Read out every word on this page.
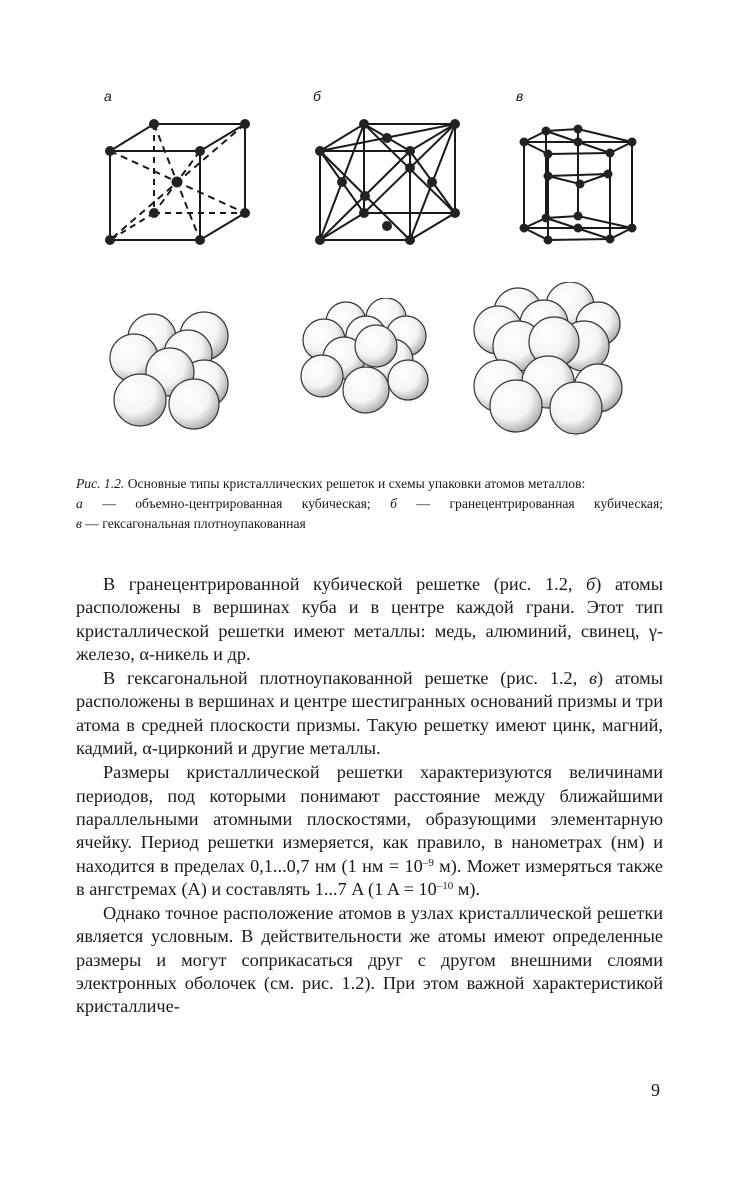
а	б	в

Рис. 1.2. Основные типы кристаллических решеток и схемы упаковки атомов металлов:

а — объемно-центрированная кубическая; б — гранецентрированная кубическая;

в — гексагональная плотноупакованная

В гранецентрированной кубической решетке (рис. 1.2, б) атомы расположены в вершинах куба и в центре каждой грани. Этот тип кристаллической решетки имеют металлы: медь, алюминий, свинец, γ-железо, α-никель и др.

В гексагональной плотноупакованной решетке (рис. 1.2, в) атомы расположены в вершинах и центре шестигранных оснований призмы и три атома в средней плоскости призмы. Такую решетку имеют цинк, магний, кадмий, α-цирконий и другие металлы.

Размеры кристаллической решетки характеризуются величинами периодов, под которыми понимают расстояние между ближайшими параллельными атомными плоскостями, образующими элементарную ячейку. Период решетки измеряется, как правило, в нанометрах (нм) и находится в пределах 0,1...0,7 нм (1 нм = $10^{-9}$ м). Может измеряться также в ангстремах (A) и составлять 1...7 A (1 $A = 10^{-10}$ м).

Однако точное расположение атомов в узлах кристаллической решетки является условным. В действительности же атомы имеют определенные размеры и могут соприкасаться друг с другом внешними слоями электронных оболочек (см. рис. 1.2). При этом важной характеристикой кристалличе-

9
